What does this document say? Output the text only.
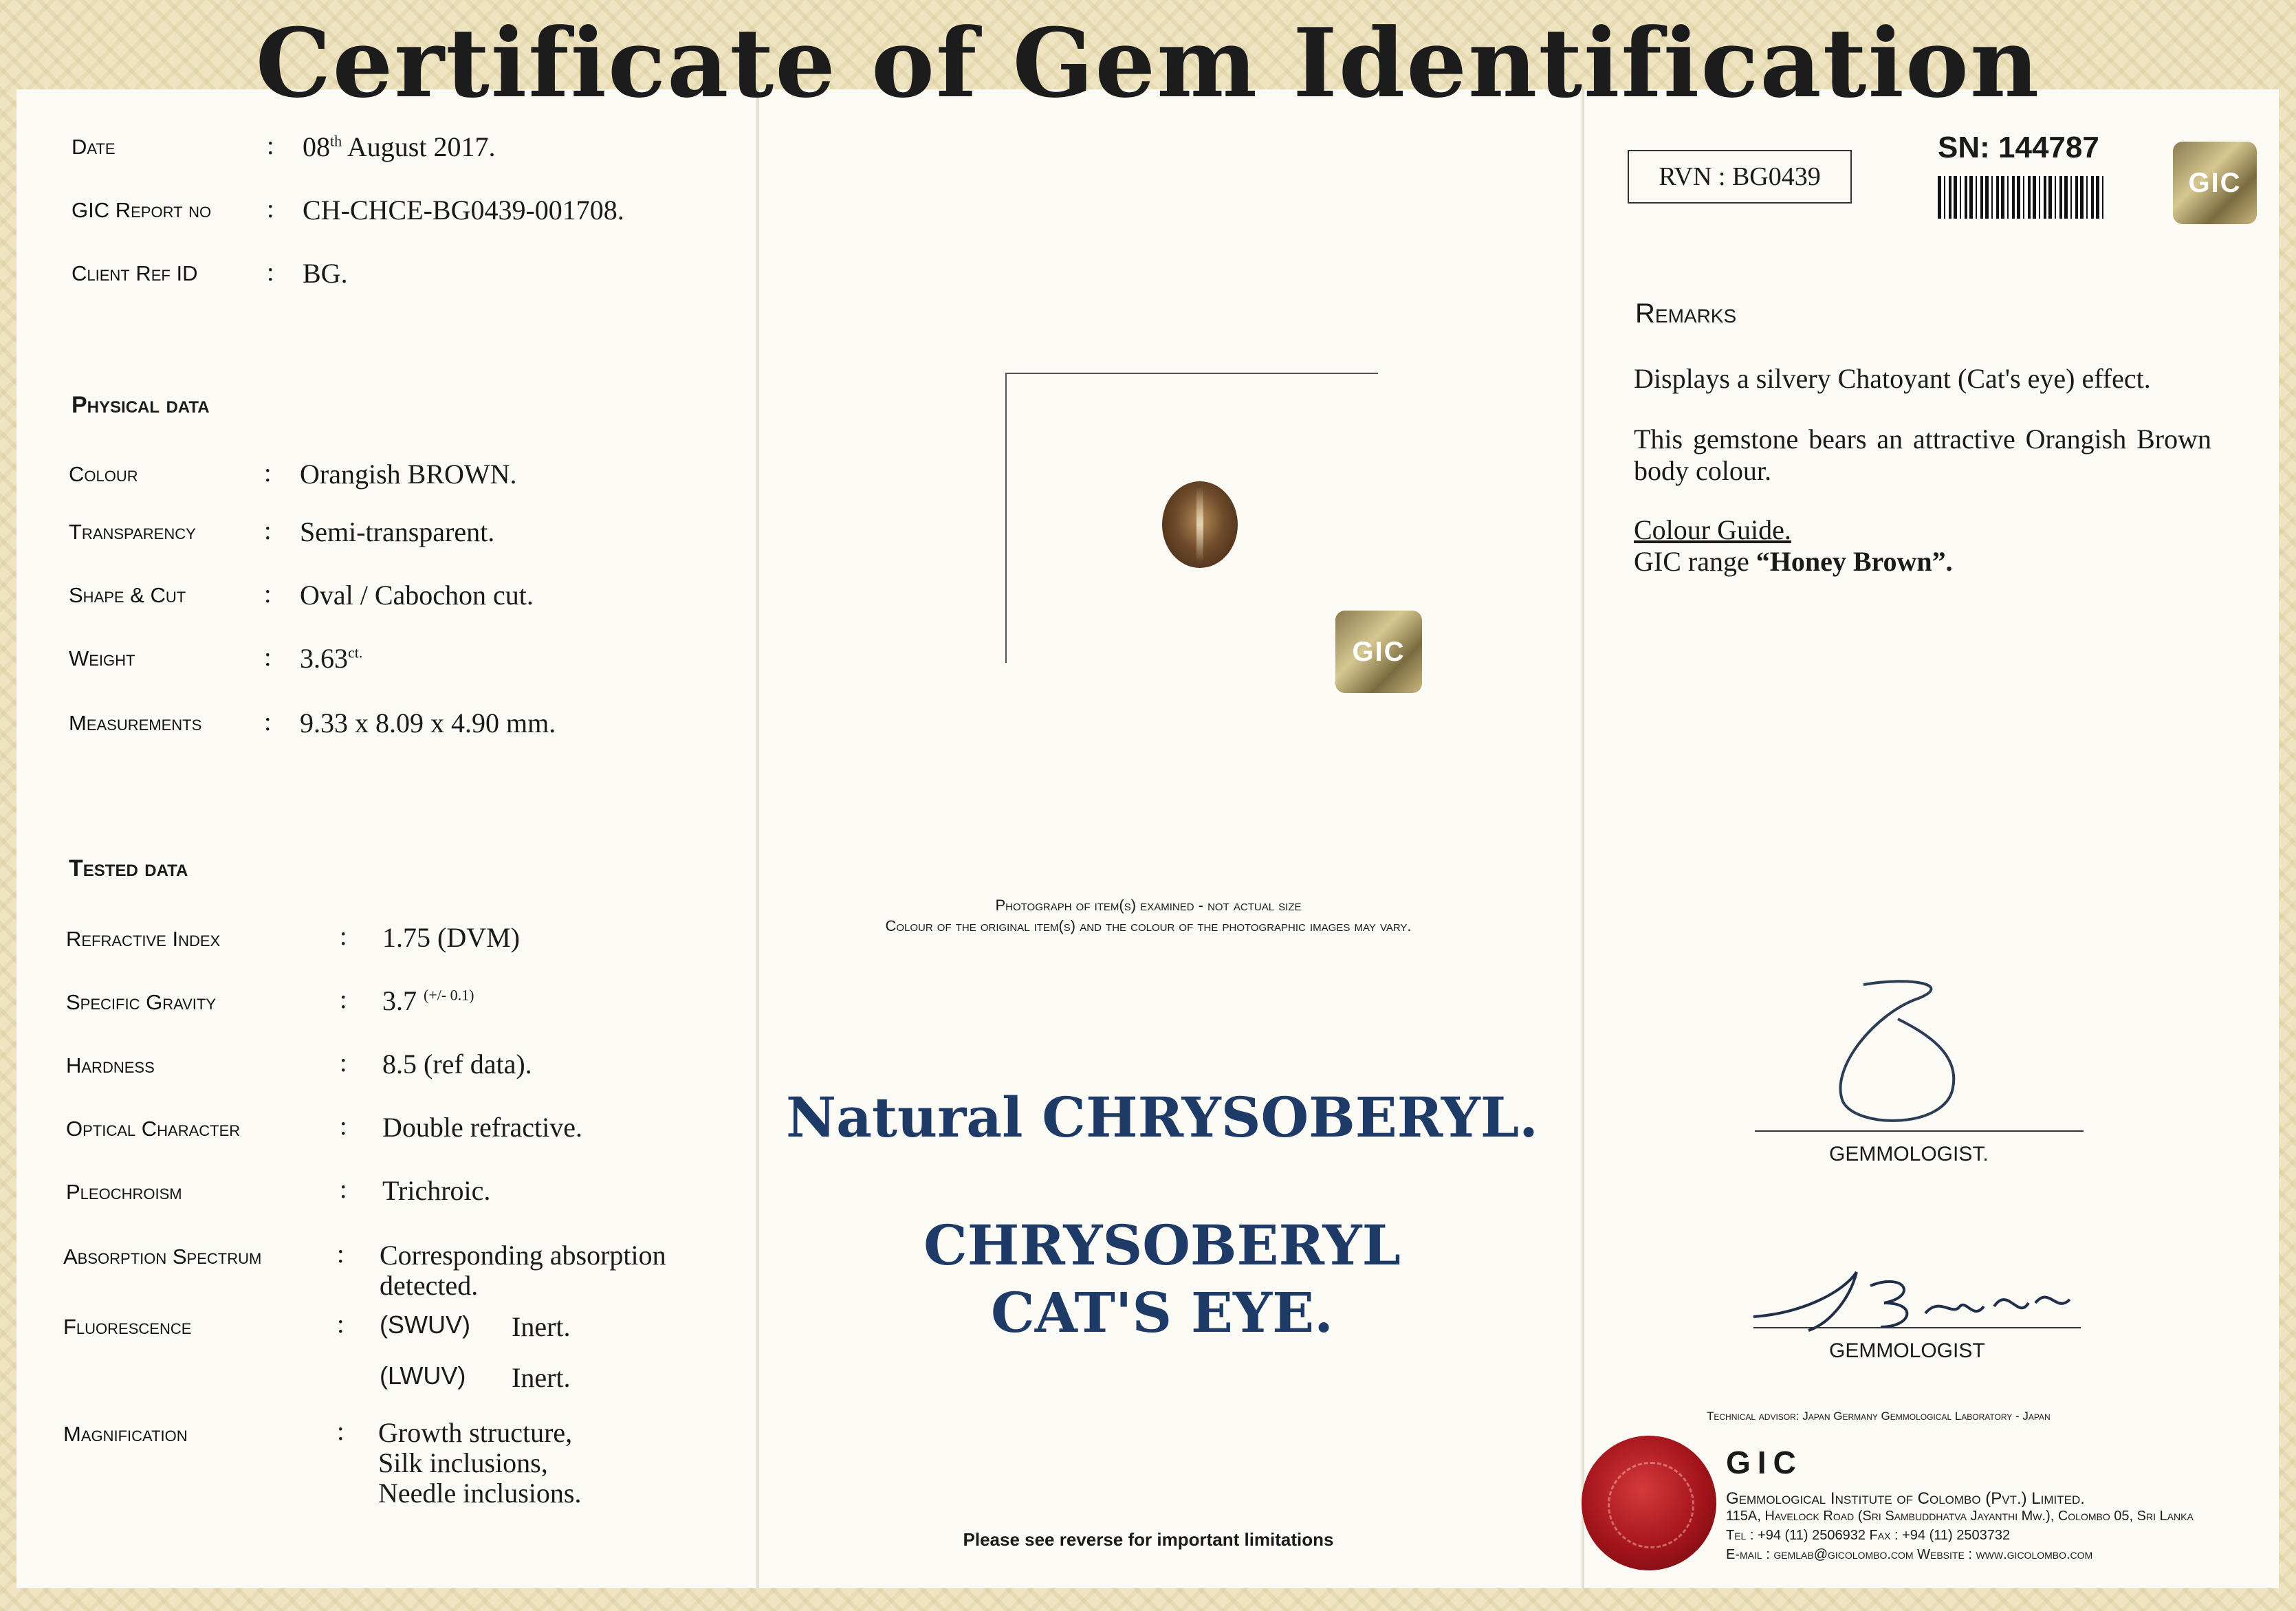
Certificate of Gem Identification
Date	: 08th August 2017.
GIC Report no : CH-CHCE-BG0439-001708.
Client Ref ID	: BG.
Physical data
Colour	: Orangish BROWN.
Transparency	: Semi-transparent.
Shape & Cut	: Oval / Cabochon cut.
Weight	: $3.63^{ct.}$
Measurements : 9.33 x 8.09 x 4.90 mm.
Tested data
Refractive Index	: 1.75 (DVM)
Specific Gravity	: 3.7 $^{(+/- 0.1)}$
Hardness	: 8.5 (ref data).
Optical Character	: Double refractive.
Pleochroism	: Trichroic.
Absorption Spectrum	: Corresponding absorption
detected.
Fluorescence	: (SWUV) Inert.
(LWUV) Inert.
Magnification	: Growth structure,
Silk inclusions,
Needle inclusions.
GIC
Photograph of item(s) examined - not actual size
Colour of the original item(s) and the colour of the photographic images may vary.
Natural CHRYSOBERYL.
CHRYSOBERYL
CAT'S EYE.
Please see reverse for important limitations
RVN : BG0439
SN: 144787
GIC
Remarks
Displays a silvery Chatoyant (Cat's eye) effect.
This gemstone bears an attractive Orangish Brown body colour.
Colour Guide.
GIC range “Honey Brown”.
GEMMOLOGIST.
GEMMOLOGIST
Technical advisor: Japan Germany Gemmological Laboratory - Japan
GIC
Gemmological Institute of Colombo (Pvt.) Limited.
115A, Havelock Road (Sri Sambuddhatva Jayanthi Mw.), Colombo 05, Sri Lanka
Tel : +94 (11) 2506932 Fax : +94 (11) 2503732
E-mail : gemlab@gicolombo.com Website : www.gicolombo.com
